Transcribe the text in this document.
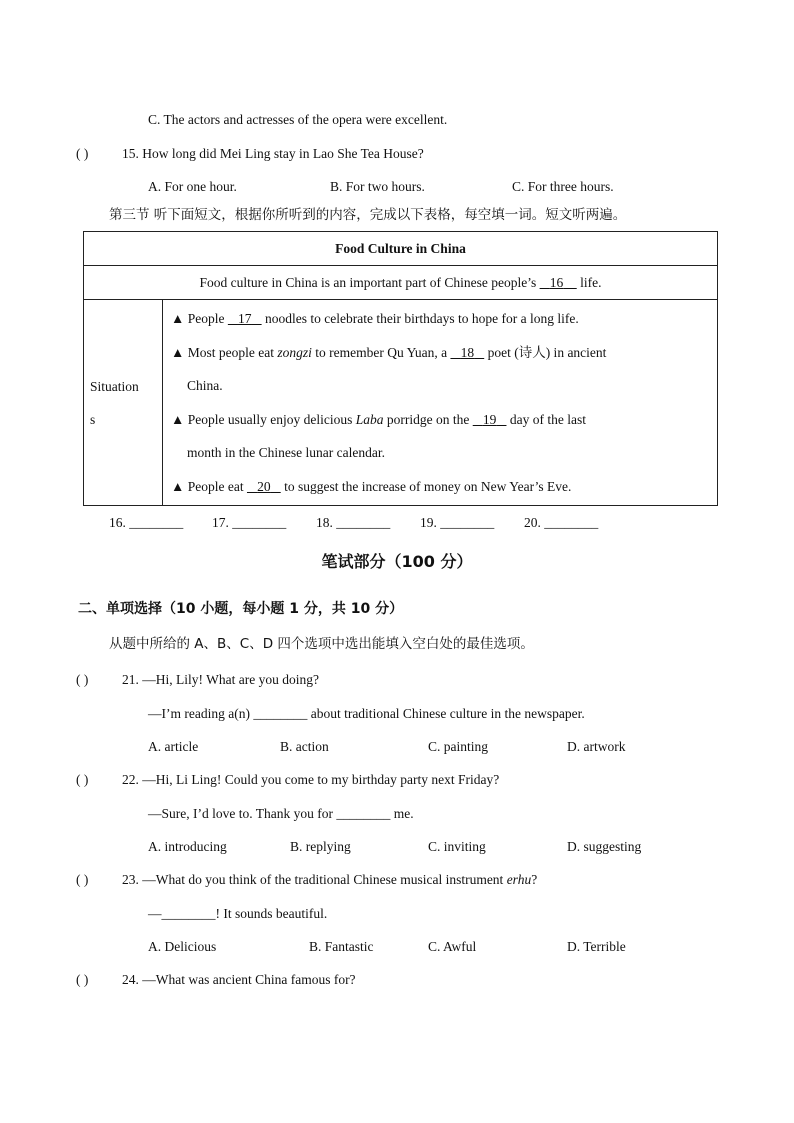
C. The actors and actresses of the opera were excellent.
( ) 15. How long did Mei Ling stay in Lao She Tea House?
A. For one hour.	B. For two hours.	C. For three hours.
第三节 听下面短文，根据你所听到的内容，完成以下表格，每空填一词。短文听两遍。
Food Culture in China
Food culture in China is an important part of Chinese people’s    16     life.

Situation
s

▲ People    17    noodles to celebrate their birthdays to hope for a long life.
▲ Most people eat zongzi to remember Qu Yuan, a    18    poet (诗人) in ancient
China.
▲ People usually enjoy delicious Laba porridge on the    19    day of the last
month in the Chinese lunar calendar.
▲ People eat    20    to suggest the increase of money on New Year’s Eve.
16. ________ 17. ________ 18. ________ 19. ________ 20. ________
笔试部分（100 分）
二、单项选择（10 小题，每小题 1 分，共 10 分）
从题中所给的 A、B、C、D 四个选项中选出能填入空白处的最佳选项。
( ) 21. —Hi, Lily! What are you doing?
—I’m reading a(n) ________ about traditional Chinese culture in the newspaper.
A. article	B. action	C. painting	D. artwork
( ) 22. —Hi, Li Ling! Could you come to my birthday party next Friday?
—Sure, I’d love to. Thank you for ________ me.
A. introducing	B. replying	C. inviting	D. suggesting
( ) 23. —What do you think of the traditional Chinese musical instrument erhu?
—________! It sounds beautiful.
A. Delicious	B. Fantastic	C. Awful	D. Terrible
( ) 24. —What was ancient China famous for?
